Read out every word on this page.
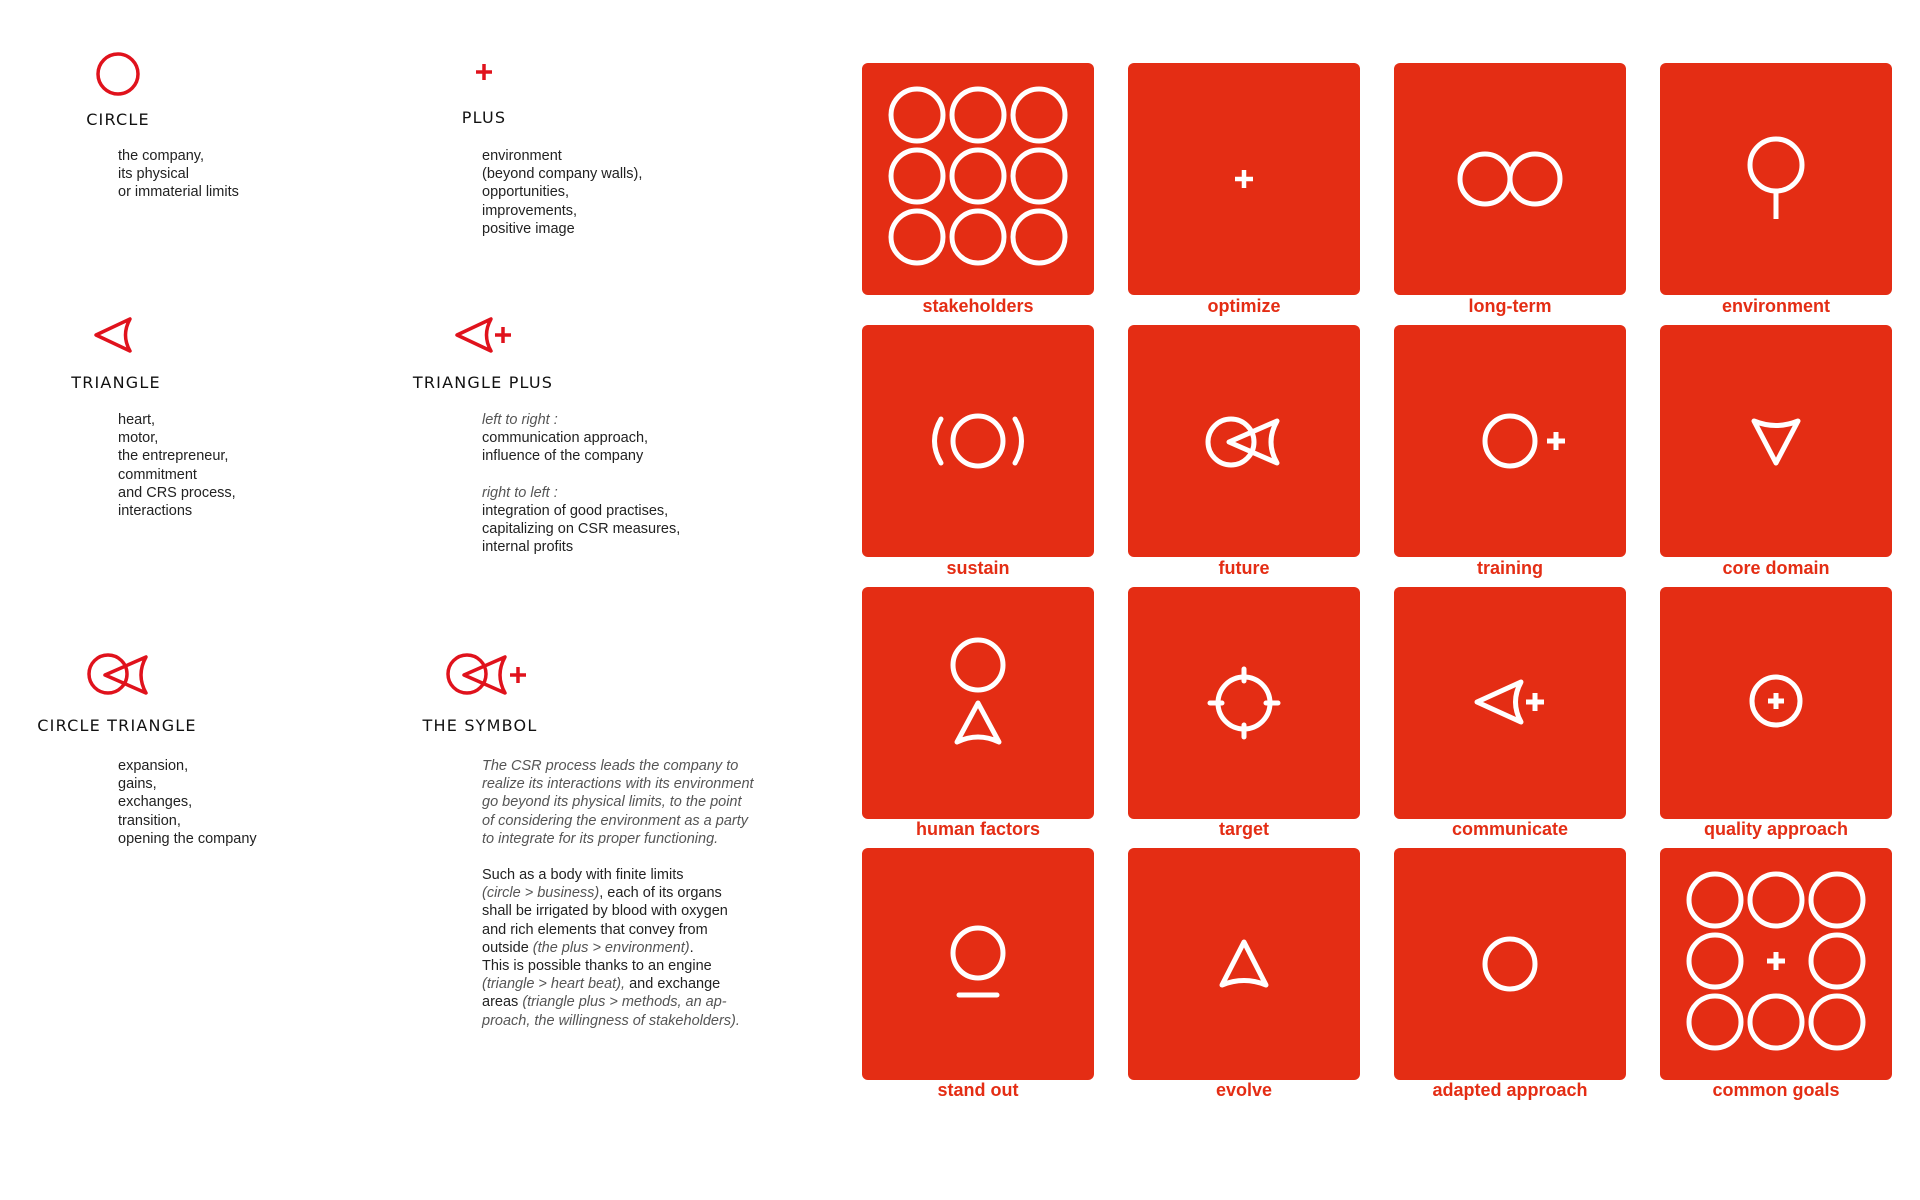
CIRCLE
the company,
its physical
or immaterial limits
PLUS
environment
(beyond company walls),
opportunities,
improvements,
positive image
TRIANGLE
heart,
motor,
the entrepreneur,
commitment
and CRS process,
interactions
TRIANGLE PLUS
left to right :
communication approach,
influence of the company
right to left :
integration of good practises,
capitalizing on CSR measures,
internal profits
CIRCLE TRIANGLE
expansion,
gains,
exchanges,
transition,
opening the company
THE SYMBOL
The CSR process leads the company to
realize its interactions with its environment
go beyond its physical limits, to the point
of considering the environment as a party
to integrate for its proper functioning.
Such as a body with finite limits
(circle > business), each of its organs
shall be irrigated by blood with oxygen
and rich elements that convey from
outside (the plus > environment).
This is possible thanks to an engine
(triangle > heart beat), and exchange
areas (triangle plus > methods, an ap-
proach, the willingness of stakeholders).
stakeholders	optimize	long-term	environment
sustain	future	training	core domain
human factors	target	communicate	quality approach
stand out	evolve	adapted approach	common goals
